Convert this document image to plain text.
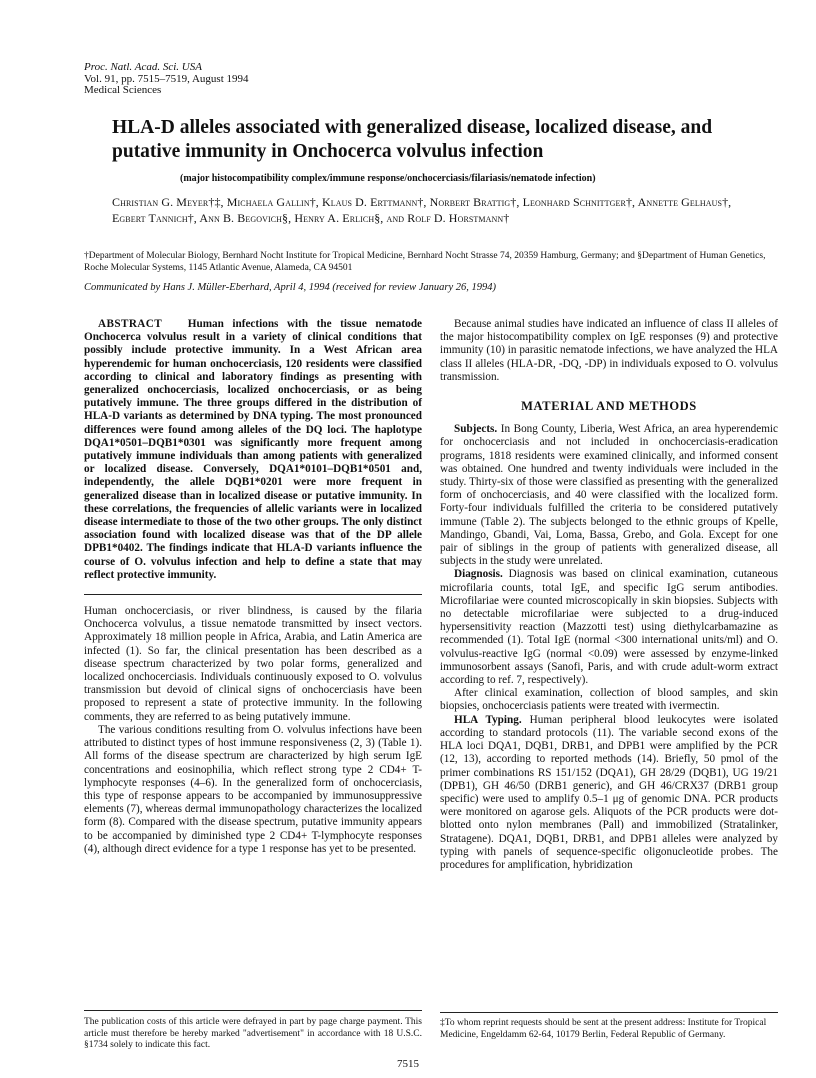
Proc. Natl. Acad. Sci. USA
Vol. 91, pp. 7515–7519, August 1994
Medical Sciences
HLA-D alleles associated with generalized disease, localized disease, and putative immunity in Onchocerca volvulus infection
(major histocompatibility complex/immune response/onchocerciasis/filariasis/nematode infection)
Christian G. Meyer†‡, Michaela Gallin†, Klaus D. Erttmann†, Norbert Brattig†, Leonhard Schnittger†, Annette Gelhaus†, Egbert Tannich†, Ann B. Begovich§, Henry A. Erlich§, and Rolf D. Horstmann†
†Department of Molecular Biology, Bernhard Nocht Institute for Tropical Medicine, Bernhard Nocht Strasse 74, 20359 Hamburg, Germany; and §Department of Human Genetics, Roche Molecular Systems, 1145 Atlantic Avenue, Alameda, CA 94501
Communicated by Hans J. Müller-Eberhard, April 4, 1994 (received for review January 26, 1994)
ABSTRACT Human infections with the tissue nematode Onchocerca volvulus result in a variety of clinical conditions that possibly include protective immunity. In a West African area hyperendemic for human onchocerciasis, 120 residents were classified according to clinical and laboratory findings as presenting with generalized onchocerciasis, localized onchocerciasis, or as being putatively immune. The three groups differed in the distribution of HLA-D variants as determined by DNA typing. The most pronounced differences were found among alleles of the DQ loci. The haplotype DQA1*0501–DQB1*0301 was significantly more frequent among putatively immune individuals than among patients with generalized or localized disease. Conversely, DQA1*0101–DQB1*0501 and, independently, the allele DQB1*0201 were more frequent in generalized disease than in localized disease or putative immunity. In these correlations, the frequencies of allelic variants were in localized disease intermediate to those of the two other groups. The only distinct association found with localized disease was that of the DP allele DPB1*0402. The findings indicate that HLA-D variants influence the course of O. volvulus infection and help to define a state that may reflect protective immunity.

Human onchocerciasis, or river blindness, is caused by the filaria Onchocerca volvulus, a tissue nematode transmitted by insect vectors. Approximately 18 million people in Africa, Arabia, and Latin America are infected (1). So far, the clinical presentation has been described as a disease spectrum characterized by two polar forms, generalized and localized onchocerciasis. Individuals continuously exposed to O. volvulus transmission but devoid of clinical signs of onchocerciasis have been proposed to represent a state of protective immunity. In the following comments, they are referred to as being putatively immune.

The various conditions resulting from O. volvulus infections have been attributed to distinct types of host immune responsiveness (2, 3) (Table 1). All forms of the disease spectrum are characterized by high serum IgE concentrations and eosinophilia, which reflect strong type 2 CD4+ T-lymphocyte responses (4–6). In the generalized form of onchocerciasis, this type of response appears to be accompanied by immunosuppressive elements (7), whereas dermal immunopathology characterizes the localized form (8). Compared with the disease spectrum, putative immunity appears to be accompanied by diminished type 2 CD4+ T-lymphocyte responses (4), although direct evidence for a type 1 response has yet to be presented.

Because animal studies have indicated an influence of class II alleles of the major histocompatibility complex on IgE responses (9) and protective immunity (10) in parasitic nematode infections, we have analyzed the HLA class II alleles (HLA-DR, -DQ, -DP) in individuals exposed to O. volvulus transmission.

MATERIAL AND METHODS

Subjects. In Bong County, Liberia, West Africa, an area hyperendemic for onchocerciasis and not included in onchocerciasis-eradication programs, 1818 residents were examined clinically, and informed consent was obtained. One hundred and twenty individuals were included in the study. Thirty-six of those were classified as presenting with the generalized form of onchocerciasis, and 40 were classified with the localized form. Forty-four individuals fulfilled the criteria to be considered putatively immune (Table 2). The subjects belonged to the ethnic groups of Kpelle, Mandingo, Gbandi, Vai, Loma, Bassa, Grebo, and Gola. Except for one pair of siblings in the group of patients with generalized disease, all subjects in the study were unrelated.

Diagnosis. Diagnosis was based on clinical examination, cutaneous microfilaria counts, total IgE, and specific IgG serum antibodies. Microfilariae were counted microscopically in skin biopsies. Subjects with no detectable microfilariae were subjected to a drug-induced hypersensitivity reaction (Mazzotti test) using diethylcarbamazine as recommended (1). Total IgE (normal <300 international units/ml) and O. volvulus-reactive IgG (normal <0.09) were assessed by enzyme-linked immunosorbent assays (Sanofi, Paris, and with crude adult-worm extract according to ref. 7, respectively).

After clinical examination, collection of blood samples, and skin biopsies, onchocerciasis patients were treated with ivermectin.

HLA Typing. Human peripheral blood leukocytes were isolated according to standard protocols (11). The variable second exons of the HLA loci DQA1, DQB1, DRB1, and DPB1 were amplified by the PCR (12, 13), according to reported methods (14). Briefly, 50 pmol of the primer combinations RS 151/152 (DQA1), GH 28/29 (DQB1), UG 19/21 (DPB1), GH 46/50 (DRB1 generic), and GH 46/CRX37 (DRB1 group specific) were used to amplify 0.5–1 μg of genomic DNA. PCR products were monitored on agarose gels. Aliquots of the PCR products were dot-blotted onto nylon membranes (Pall) and immobilized (Stratalinker, Stratagene). DQA1, DQB1, DRB1, and DPB1 alleles were analyzed by typing with panels of sequence-specific oligonucleotide probes. The procedures for amplification, hybridization

The publication costs of this article were defrayed in part by page charge payment. This article must therefore be hereby marked "advertisement" in accordance with 18 U.S.C. §1734 solely to indicate this fact.
‡To whom reprint requests should be sent at the present address: Institute for Tropical Medicine, Engeldamm 62-64, 10179 Berlin, Federal Republic of Germany.
7515
